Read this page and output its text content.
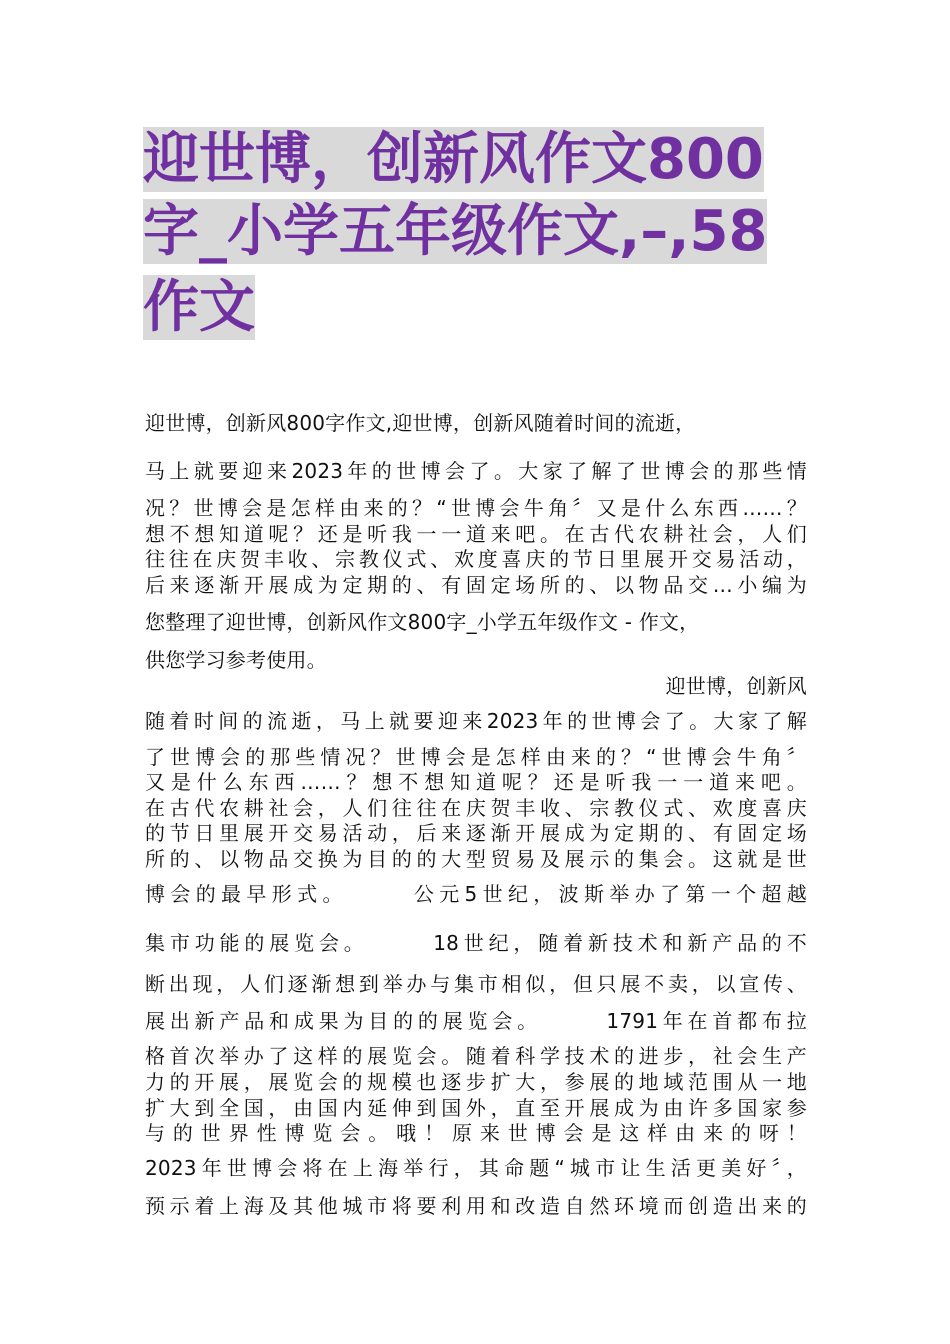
迎世博，创新风作文800
字_小学五年级作文,–,58
作文

迎世博，创新风800字作文,迎世博，创新风随着时间的流逝，

马上就要迎来2023年的世博会了。大家了解了世博会的那些情

况？世博会是怎样由来的？“世博会牛角〞又是什么东西……？

想不想知道呢？还是听我一一道来吧。在古代农耕社会，人们

往往在庆贺丰收、宗教仪式、欢度喜庆的节日里展开交易活动，

后来逐渐开展成为定期的、有固定场所的、以物品交…小编为

您整理了迎世博，创新风作文800字_小学五年级作文 - 作文，

供您学习参考使用。

迎世博，创新风

随着时间的流逝，马上就要迎来2023年的世博会了。大家了解

了世博会的那些情况？世博会是怎样由来的？“世博会牛角〞

又是什么东西……？想不想知道呢？还是听我一一道来吧。

在古代农耕社会，人们往往在庆贺丰收、宗教仪式、欢度喜庆

的节日里展开交易活动，后来逐渐开展成为定期的、有固定场

所的、以物品交换为目的的大型贸易及展示的集会。这就是世

博会的最早形式。　　　公元5世纪，波斯举办了第一个超越

集市功能的展览会。　　　18世纪，随着新技术和新产品的不

断出现，人们逐渐想到举办与集市相似，但只展不卖，以宣传、

展出新产品和成果为目的的展览会。　　　1791年在首都布拉

格首次举办了这样的展览会。随着科学技术的进步，社会生产

力的开展，展览会的规模也逐步扩大，参展的地域范围从一地

扩大到全国，由国内延伸到国外，直至开展成为由许多国家参

与的世界性博览会。哦！原来世博会是这样由来的呀！

2023年世博会将在上海举行，其命题“城市让生活更美好〞，

预示着上海及其他城市将要利用和改造自然环境而创造出来的
